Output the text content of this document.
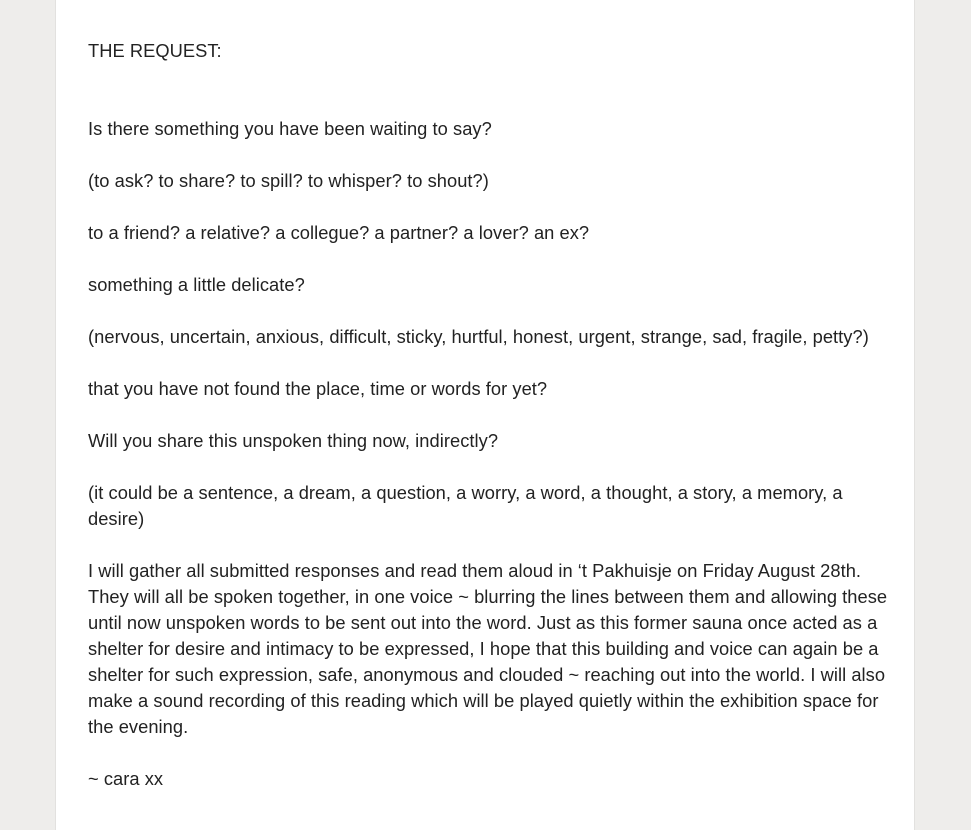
THE REQUEST:

Is there something you have been waiting to say?

(to ask? to share? to spill? to whisper? to shout?)

to a friend? a relative? a collegue? a partner? a lover? an ex?

something a little delicate?

(nervous, uncertain, anxious, difficult, sticky, hurtful, honest, urgent, strange, sad, fragile, petty?)

that you have not found the place, time or words for yet?

Will you share this unspoken thing now, indirectly?

(it could be a sentence, a dream, a question, a worry, a word, a thought, a story, a memory, a desire)

I will gather all submitted responses and read them aloud in ‘t Pakhuisje on Friday August 28th. They will all be spoken together, in one voice ~ blurring the lines between them and allowing these until now unspoken words to be sent out into the word. Just as this former sauna once acted as a shelter for desire and intimacy to be expressed, I hope that this building and voice can again be a shelter for such expression, safe, anonymous and clouded ~ reaching out into the world. I will also make a sound recording of this reading which will be played quietly within the exhibition space for the evening.

~ cara xx
